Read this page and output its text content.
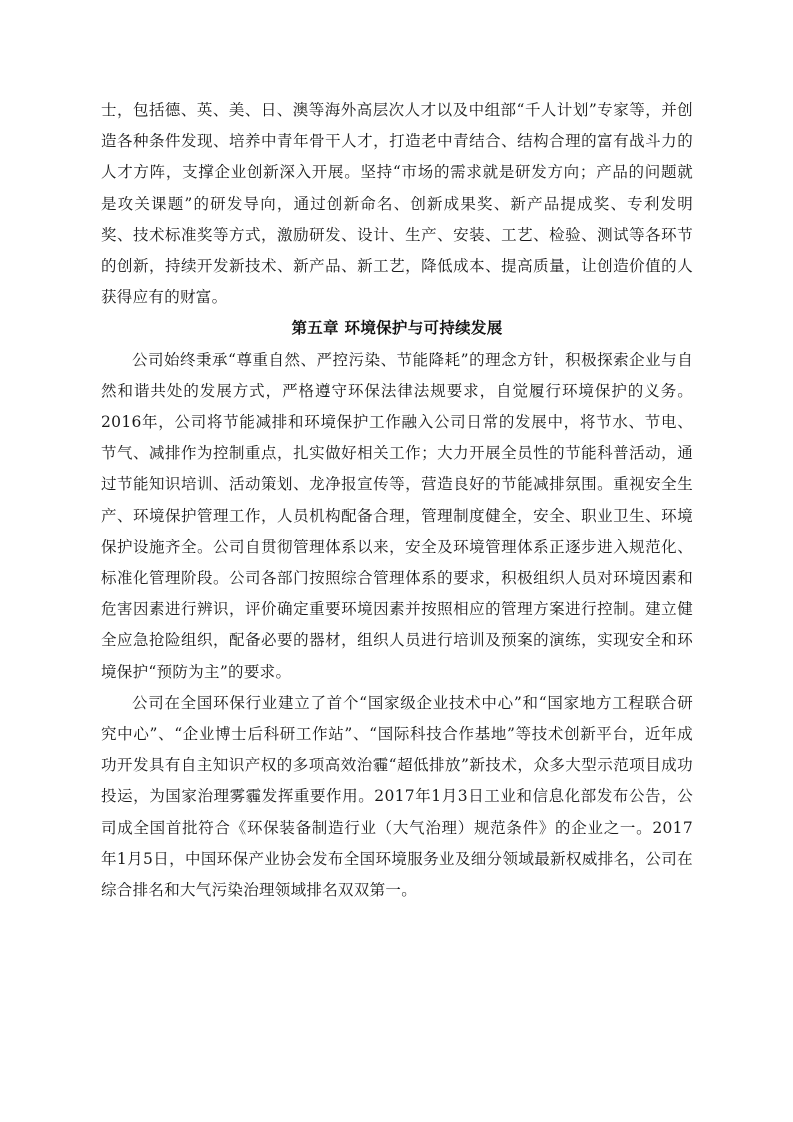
士，包括德、英、美、日、澳等海外高层次人才以及中组部“千人计划”专家等，并创造各种条件发现、培养中青年骨干人才，打造老中青结合、结构合理的富有战斗力的人才方阵，支撑企业创新深入开展。坚持“市场的需求就是研发方向；产品的问题就是攻关课题”的研发导向，通过创新命名、创新成果奖、新产品提成奖、专利发明奖、技术标准奖等方式，激励研发、设计、生产、安装、工艺、检验、测试等各环节的创新，持续开发新技术、新产品、新工艺，降低成本、提高质量，让创造价值的人获得应有的财富。

第五章 环境保护与可持续发展

公司始终秉承“尊重自然、严控污染、节能降耗”的理念方针，积极探索企业与自然和谐共处的发展方式，严格遵守环保法律法规要求，自觉履行环境保护的义务。2016年，公司将节能减排和环境保护工作融入公司日常的发展中，将节水、节电、节气、减排作为控制重点，扎实做好相关工作；大力开展全员性的节能科普活动，通过节能知识培训、活动策划、龙净报宣传等，营造良好的节能减排氛围。重视安全生产、环境保护管理工作，人员机构配备合理，管理制度健全，安全、职业卫生、环境保护设施齐全。公司自贯彻管理体系以来，安全及环境管理体系正逐步进入规范化、标准化管理阶段。公司各部门按照综合管理体系的要求，积极组织人员对环境因素和危害因素进行辨识，评价确定重要环境因素并按照相应的管理方案进行控制。建立健全应急抢险组织，配备必要的器材，组织人员进行培训及预案的演练，实现安全和环境保护“预防为主”的要求。

公司在全国环保行业建立了首个“国家级企业技术中心”和“国家地方工程联合研究中心”、“企业博士后科研工作站”、“国际科技合作基地”等技术创新平台，近年成功开发具有自主知识产权的多项高效治霾“超低排放”新技术，众多大型示范项目成功投运，为国家治理雾霾发挥重要作用。2017年1月3日工业和信息化部发布公告，公司成全国首批符合《环保装备制造行业（大气治理）规范条件》的企业之一。2017年1月5日，中国环保产业协会发布全国环境服务业及细分领域最新权威排名，公司在综合排名和大气污染治理领域排名双双第一。
